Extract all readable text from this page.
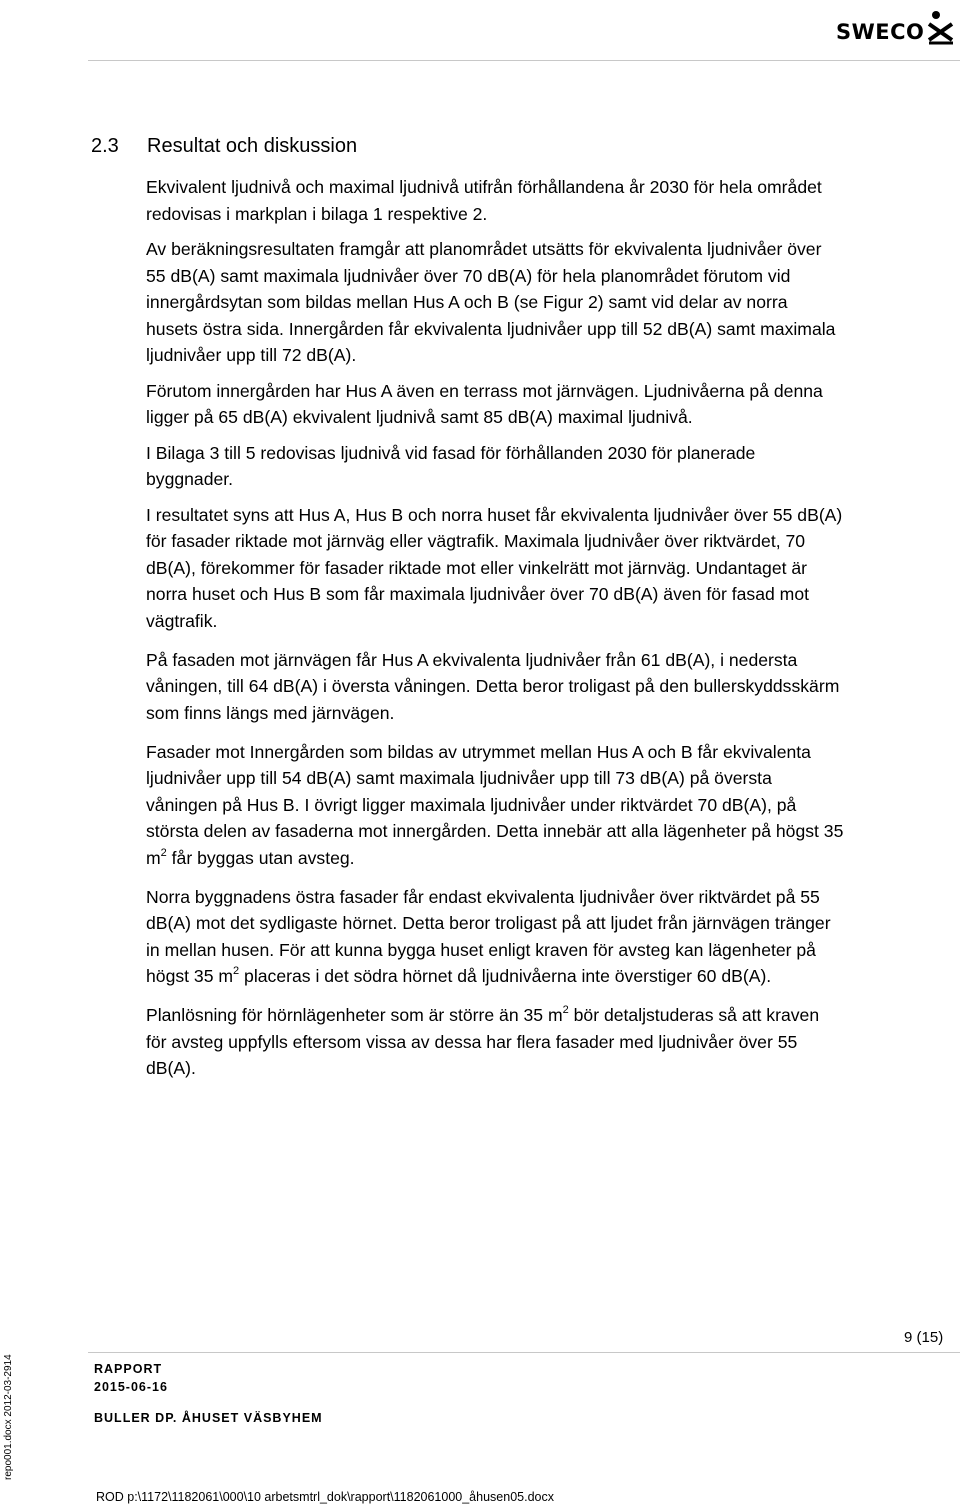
SWECO
2.3 Resultat och diskussion

Ekvivalent ljudnivå och maximal ljudnivå utifrån förhållandena år 2030 för hela området
redovisas i markplan i bilaga 1 respektive 2.

Av beräkningsresultaten framgår att planområdet utsätts för ekvivalenta ljudnivåer över
55 dB(A) samt maximala ljudnivåer över 70 dB(A) för hela planområdet förutom vid
innergårdsytan som bildas mellan Hus A och B (se Figur 2) samt vid delar av norra
husets östra sida. Innergården får ekvivalenta ljudnivåer upp till 52 dB(A) samt maximala
ljudnivåer upp till 72 dB(A).

Förutom innergården har Hus A även en terrass mot järnvägen. Ljudnivåerna på denna
ligger på 65 dB(A) ekvivalent ljudnivå samt 85 dB(A) maximal ljudnivå.

I Bilaga 3 till 5 redovisas ljudnivå vid fasad för förhållanden 2030 för planerade
byggnader.

I resultatet syns att Hus A, Hus B och norra huset får ekvivalenta ljudnivåer över 55 dB(A)
för fasader riktade mot järnväg eller vägtrafik. Maximala ljudnivåer över riktvärdet, 70
dB(A), förekommer för fasader riktade mot eller vinkelrätt mot järnväg. Undantaget är
norra huset och Hus B som får maximala ljudnivåer över 70 dB(A) även för fasad mot
vägtrafik.

På fasaden mot järnvägen får Hus A ekvivalenta ljudnivåer från 61 dB(A), i nedersta
våningen, till 64 dB(A) i översta våningen. Detta beror troligast på den bullerskyddsskärm
som finns längs med järnvägen.

Fasader mot Innergården som bildas av utrymmet mellan Hus A och B får ekvivalenta
ljudnivåer upp till 54 dB(A) samt maximala ljudnivåer upp till 73 dB(A) på översta
våningen på Hus B. I övrigt ligger maximala ljudnivåer under riktvärdet 70 dB(A), på
största delen av fasaderna mot innergården. Detta innebär att alla lägenheter på högst 35
$m^2$ får byggas utan avsteg.

Norra byggnadens östra fasader får endast ekvivalenta ljudnivåer över riktvärdet på 55
dB(A) mot det sydligaste hörnet. Detta beror troligast på att ljudet från järnvägen tränger
in mellan husen. För att kunna bygga huset enligt kraven för avsteg kan lägenheter på
högst 35 $m^2$ placeras i det södra hörnet då ljudnivåerna inte överstiger 60 dB(A).

Planlösning för hörnlägenheter som är större än 35 $m^2$ bör detaljstuderas så att kraven
för avsteg uppfylls eftersom vissa av dessa har flera fasader med ljudnivåer över 55
dB(A).

9 (15)
RAPPORT
2015-06-16
BULLER DP. ÅHUSET VÄSBYHEM
ROD p:\1172\1182061\000\10 arbetsmtrl_dok\rapport\1182061000_åhusen05.docx
repo001.docx 2012-03-2914
